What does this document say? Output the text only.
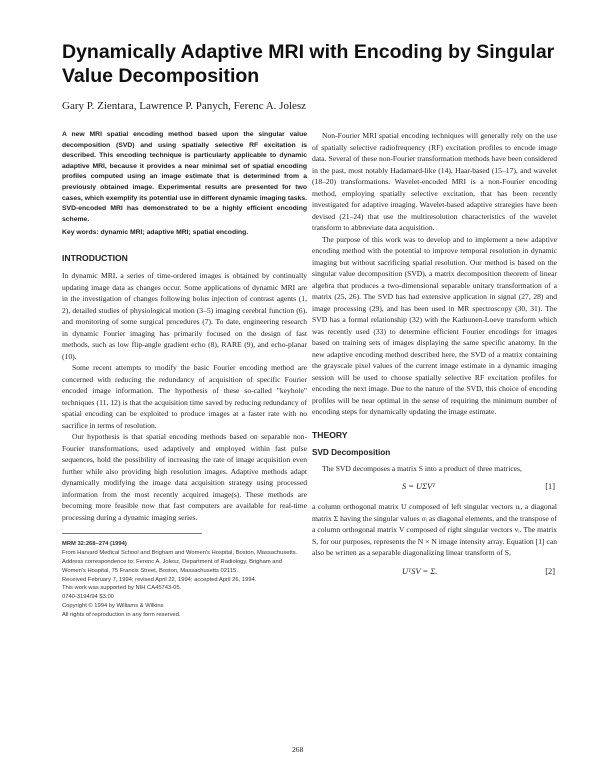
Dynamically Adaptive MRI with Encoding by Singular Value Decomposition
Gary P. Zientara, Lawrence P. Panych, Ferenc A. Jolesz

A new MRI spatial encoding method based upon the singular value decomposition (SVD) and using spatially selective RF excitation is described. This encoding technique is particularly applicable to dynamic adaptive MRI, because it provides a near minimal set of spatial encoding profiles computed using an image estimate that is determined from a previously obtained image. Experimental results are presented for two cases, which exemplify its potential use in different dynamic imaging tasks. SVD-encoded MRI has demonstrated to be a highly efficient encoding scheme.

Key words: dynamic MRI; adaptive MRI; spatial encoding.

INTRODUCTION

In dynamic MRI, a series of time-ordered images is obtained by continually updating image data as changes occur. Some applications of dynamic MRI are in the investigation of changes following bolus injection of contrast agents (1, 2), detailed studies of physiological motion (3–5) imaging cerebral function (6), and monitoring of some surgical procedures (7). To date, engineering research in dynamic Fourier imaging has primarily focused on the design of fast methods, such as low flip-angle gradient echo (8), RARE (9), and echo-planar (10).

Some recent attempts to modify the basic Fourier encoding method are concerned with reducing the redundancy of acquisition of specific Fourier encoded image information. The hypothesis of these so-called "keyhole" techniques (11, 12) is that the acquisition time saved by reducing redundancy of spatial encoding can be exploited to produce images at a faster rate with no sacrifice in terms of resolution.

Our hypothesis is that spatial encoding methods based on separable non-Fourier transformations, used adaptively and employed within fast pulse sequences, hold the possibility of increasing the rate of image acquisition even further while also providing high resolution images. Adaptive methods adapt dynamically modifying the image data acquisition strategy using processed information from the most recently acquired image(s). These methods are becoming more feasible now that fast computers are available for real-time processing during a dynamic imaging series.

MRM 32:268–274 (1994)

From Harvard Medical School and Brigham and Women's Hospital, Boston, Massachusetts.

Address correspondence to: Ferenc A. Jolesz, Department of Radiology, Brigham and Women's Hospital, 75 Francis Street, Boston, Massachusetts 02115.

Received February 7, 1994; revised April 22, 1994; accepted April 26, 1994.

This work was supported by NIH CA45743-05.

0740-3194/94 $3.00

Copyright © 1994 by Williams & Wilkins

All rights of reproduction in any form reserved.

Non-Fourier MRI spatial encoding techniques will generally rely on the use of spatially selective radiofrequency (RF) excitation profiles to encode image data. Several of these non-Fourier transformation methods have been considered in the past, most notably Hadamard-like (14), Haar-based (15–17), and wavelet (18–20) transformations. Wavelet-encoded MRI is a non-Fourier encoding method, employing spatially selective excitation, that has been recently investigated for adaptive imaging. Wavelet-based adaptive strategies have been devised (21–24) that use the multiresolution characteristics of the wavelet transform to abbreviate data acquisition.

The purpose of this work was to develop and to implement a new adaptive encoding method with the potential to improve temporal resolution in dynamic imaging but without sacrificing spatial resolution. Our method is based on the singular value decomposition (SVD), a matrix decomposition theorem of linear algebra that produces a two-dimensional separable unitary transformation of a matrix (25, 26). The SVD has had extensive application in signal (27, 28) and image processing (29), and has been used in MR spectroscopy (30, 31). The SVD has a formal relationship (32) with the Karhunen-Loeve transform which was recently used (33) to determine efficient Fourier encodings for images based on training sets of images displaying the same specific anatomy. In the new adaptive encoding method described here, the SVD of a matrix containing the grayscale pixel values of the current image estimate in a dynamic imaging session will be used to choose spatially selective RF excitation profiles for encoding the next image. Due to the nature of the SVD, this choice of encoding profiles will be near optimal in the sense of requiring the minimum number of encoding steps for dynamically updating the image estimate.

THEORY
SVD Decomposition

The SVD decomposes a matrix S into a product of three matrices,

S = UΣVᵀ	[1]

a column orthogonal matrix U composed of left singular vectors uᵢ, a diagonal matrix Σ having the singular values σᵢ as diagonal elements, and the transpose of a column orthogonal matrix V composed of right singular vectors vᵢ. The matrix S, for our purposes, represents the N × N image intensity array. Equation [1] can also be written as a separable diagonalizing linear transform of S,

UᵀSV = Σ.	[2]
268
